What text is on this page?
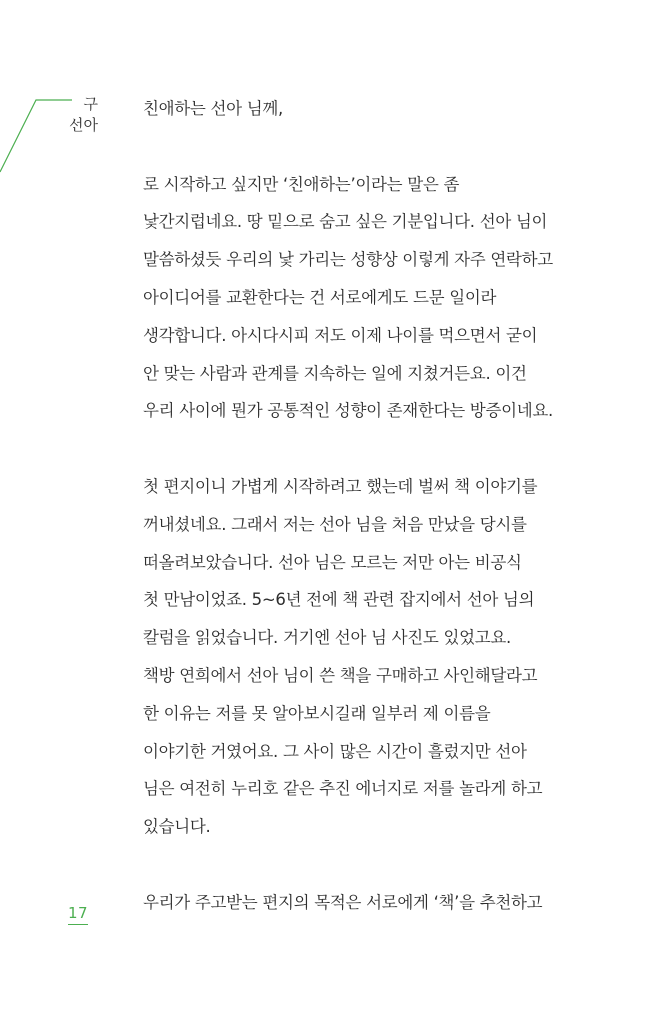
구
선아

친애하는 선아 님께,

로 시작하고 싶지만 ‘친애하는’이라는 말은 좀
낯간지럽네요. 땅 밑으로 숨고 싶은 기분입니다. 선아 님이
말씀하셨듯 우리의 낯 가리는 성향상 이렇게 자주 연락하고
아이디어를 교환한다는 건 서로에게도 드문 일이라
생각합니다. 아시다시피 저도 이제 나이를 먹으면서 굳이
안 맞는 사람과 관계를 지속하는 일에 지쳤거든요. 이건
우리 사이에 뭔가 공통적인 성향이 존재한다는 방증이네요.

첫 편지이니 가볍게 시작하려고 했는데 벌써 책 이야기를
꺼내셨네요. 그래서 저는 선아 님을 처음 만났을 당시를
떠올려보았습니다. 선아 님은 모르는 저만 아는 비공식
첫 만남이었죠. 5~6년 전에 책 관련 잡지에서 선아 님의
칼럼을 읽었습니다. 거기엔 선아 님 사진도 있었고요.
책방 연희에서 선아 님이 쓴 책을 구매하고 사인해달라고
한 이유는 저를 못 알아보시길래 일부러 제 이름을
이야기한 거였어요. 그 사이 많은 시간이 흘렀지만 선아
님은 여전히 누리호 같은 추진 에너지로 저를 놀라게 하고
있습니다.

우리가 주고받는 편지의 목적은 서로에게 ‘책’을 추천하고

17
